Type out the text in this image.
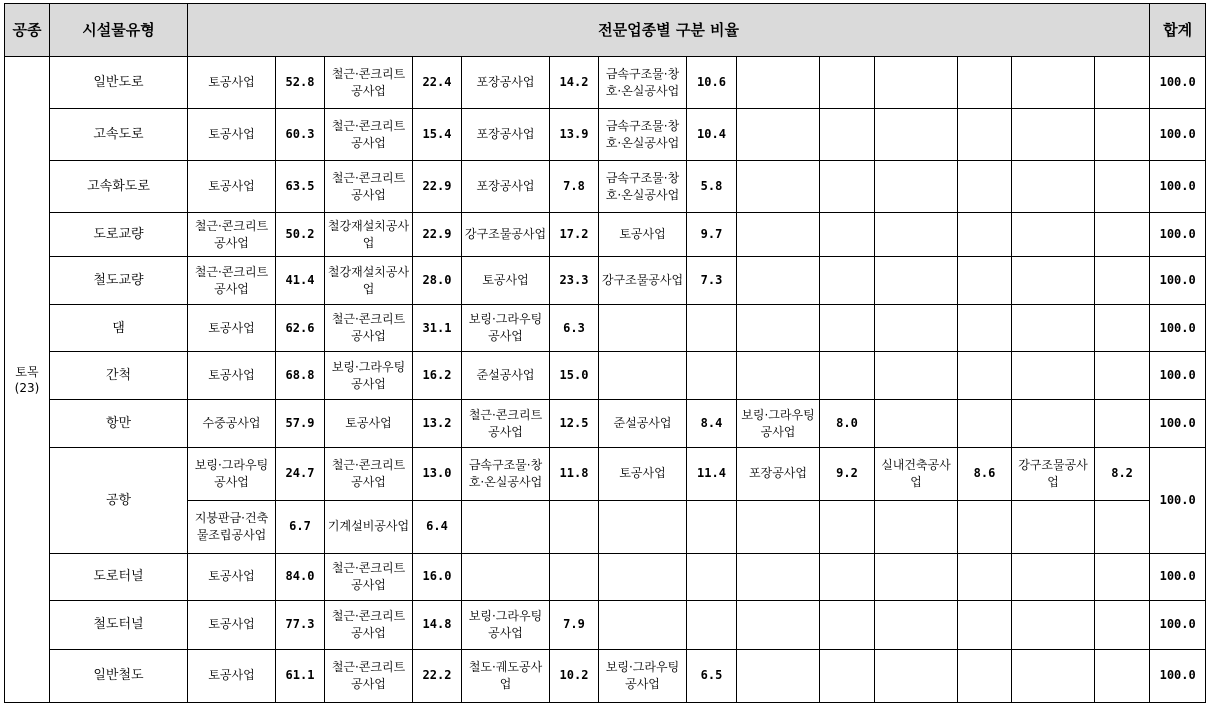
공종	시설물유형	전문업종별 구분 비율														합계

토목
(23)	일반도로	토공사업	52.8	철근·콘크리트공사업	22.4	포장공사업	14.2	금속구조물·창호·온실공사업	10.6							100.0
	고속도로	토공사업	60.3	철근·콘크리트공사업	15.4	포장공사업	13.9	금속구조물·창호·온실공사업	10.4							100.0
	고속화도로	토공사업	63.5	철근·콘크리트공사업	22.9	포장공사업	7.8	금속구조물·창호·온실공사업	5.8							100.0
	도로교량	철근·콘크리트공사업	50.2	철강재설치공사업	22.9	강구조물공사업	17.2	토공사업	9.7							100.0
	철도교량	철근·콘크리트공사업	41.4	철강재설치공사업	28.0	토공사업	23.3	강구조물공사업	7.3							100.0
	댐	토공사업	62.6	철근·콘크리트공사업	31.1	보링·그라우팅공사업	6.3									100.0
	간척	토공사업	68.8	보링·그라우팅공사업	16.2	준설공사업	15.0									100.0
	항만	수중공사업	57.9	토공사업	13.2	철근·콘크리트공사업	12.5	준설공사업	8.4	보링·그라우팅공사업	8.0					100.0
	공항	보링·그라우팅공사업	24.7	철근·콘크리트공사업	13.0	금속구조물·창호·온실공사업	11.8	토공사업	11.4	포장공사업	9.2	실내건축공사업	8.6	강구조물공사업	8.2	100.0
		지붕판금·건축물조립공사업	6.7	기계설비공사업	6.4											
	도로터널	토공사업	84.0	철근·콘크리트공사업	16.0											100.0
	철도터널	토공사업	77.3	철근·콘크리트공사업	14.8	보링·그라우팅공사업	7.9									100.0
	일반철도	토공사업	61.1	철근·콘크리트공사업	22.2	철도·궤도공사업	10.2	보링·그라우팅공사업	6.5							100.0
